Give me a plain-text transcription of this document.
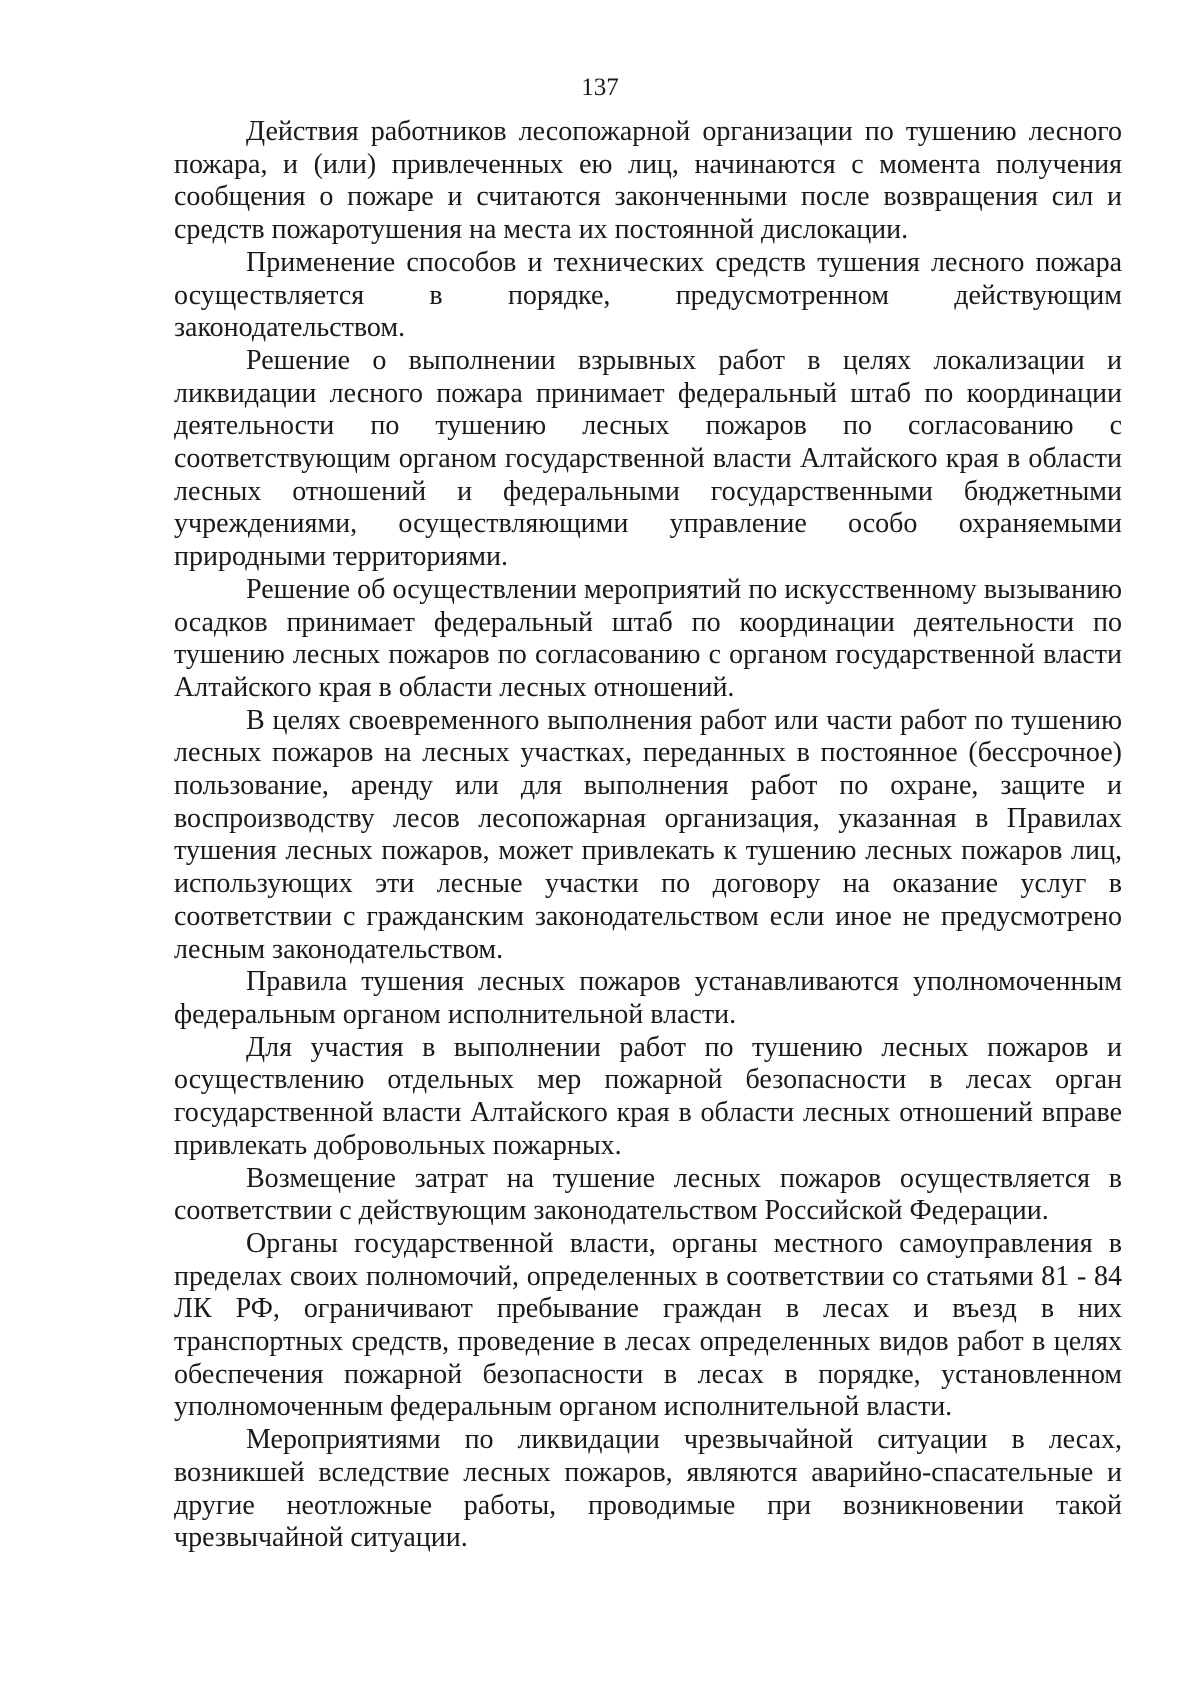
137

Действия работников лесопожарной организации по тушению лесного пожара, и (или) привлеченных ею лиц, начинаются с момента получения сообщения о пожаре и считаются законченными после возвращения сил и средств пожаротушения на места их постоянной дислокации.

Применение способов и технических средств тушения лесного пожара осуществляется в порядке, предусмотренном действующим законодательством.

Решение о выполнении взрывных работ в целях локализации и ликвидации лесного пожара принимает федеральный штаб по координации деятельности по тушению лесных пожаров по согласованию с соответствующим органом государственной власти Алтайского края в области лесных отношений и федеральными государственными бюджетными учреждениями, осуществляющими управление особо охраняемыми природными территориями.

Решение об осуществлении мероприятий по искусственному вызыванию осадков принимает федеральный штаб по координации деятельности по тушению лесных пожаров по согласованию с органом государственной власти Алтайского края в области лесных отношений.

В целях своевременного выполнения работ или части работ по тушению лесных пожаров на лесных участках, переданных в постоянное (бессрочное) пользование, аренду или для выполнения работ по охране, защите и воспроизводству лесов лесопожарная организация, указанная в Правилах тушения лесных пожаров, может привлекать к тушению лесных пожаров лиц, использующих эти лесные участки по договору на оказание услуг в соответствии с гражданским законодательством если иное не предусмотрено лесным законодательством.

Правила тушения лесных пожаров устанавливаются уполномоченным федеральным органом исполнительной власти.

Для участия в выполнении работ по тушению лесных пожаров и осуществлению отдельных мер пожарной безопасности в лесах орган государственной власти Алтайского края в области лесных отношений вправе привлекать добровольных пожарных.

Возмещение затрат на тушение лесных пожаров осуществляется в соответствии с действующим законодательством Российской Федерации.

Органы государственной власти, органы местного самоуправления в пределах своих полномочий, определенных в соответствии со статьями 81 - 84 ЛК РФ, ограничивают пребывание граждан в лесах и въезд в них транспортных средств, проведение в лесах определенных видов работ в целях обеспечения пожарной безопасности в лесах в порядке, установленном уполномоченным федеральным органом исполнительной власти.

Мероприятиями по ликвидации чрезвычайной ситуации в лесах, возникшей вследствие лесных пожаров, являются аварийно-спасательные и другие неотложные работы, проводимые при возникновении такой чрезвычайной ситуации.
